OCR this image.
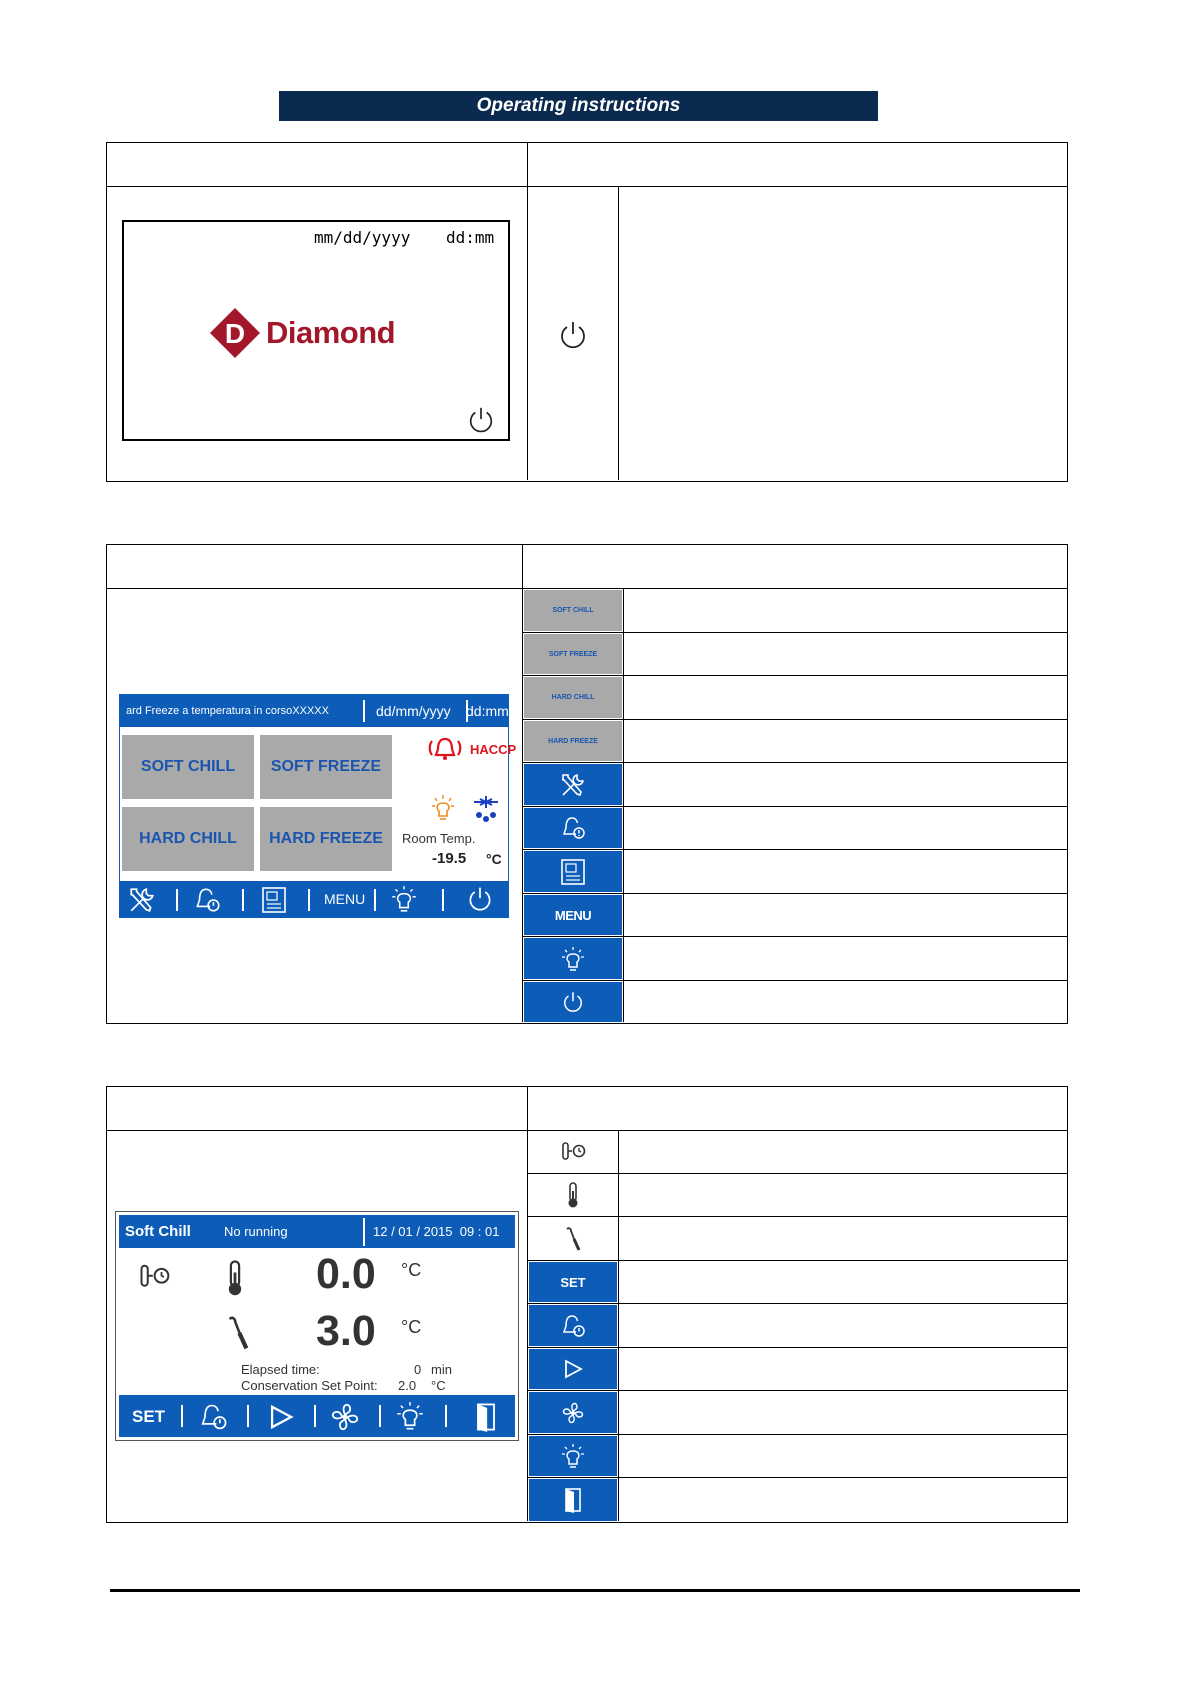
Operating instructions
mm/dd/yyyy dd:mm
D Diamond
SOFT CHILL
SOFT FREEZE
HARD CHILL
HARD FREEZE
MENU
ard Freeze a temperatura in corsoXXXXX	dd/mm/yyyy dd:mm
SOFT CHILL	SOFT FREEZE
HARD CHILL	HARD FREEZE
HACCP
Room Temp.
-19.5 °C
MENU
SET
Soft Chill	No running	12 / 01 / 2015  09 : 01
0.0 °C
3.0 °C
Elapsed time:	0 min
Conservation Set Point: 2.0 °C
SET
